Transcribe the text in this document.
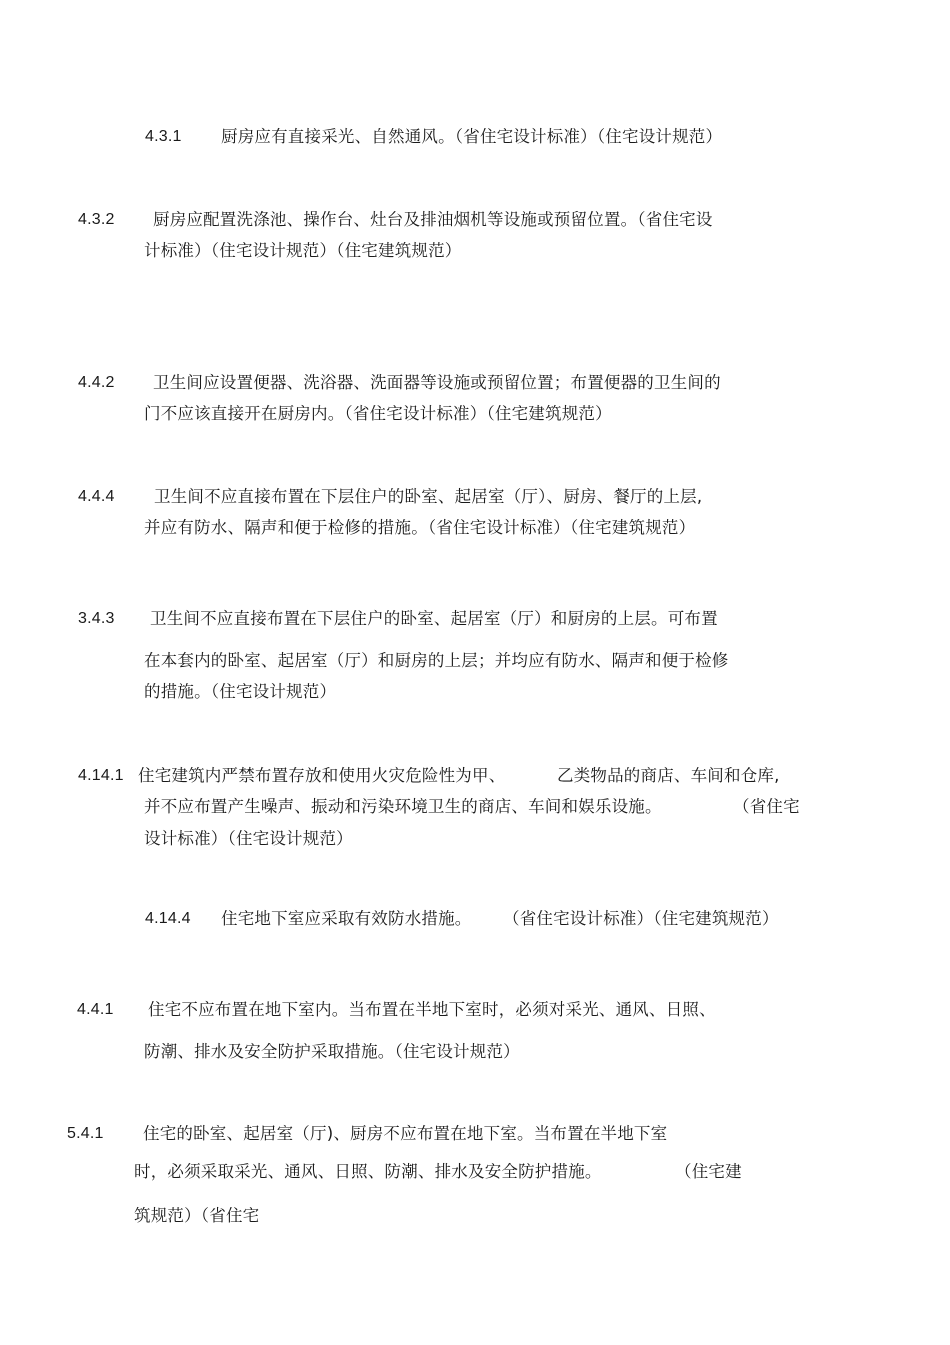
4.3.1 厨房应有直接采光、自然通风。（省住宅设计标准）（住宅设计规范）
4.3.2 厨房应配置洗涤池、操作台、灶台及排油烟机等设施或预留位置。（省住宅设
计标准）（住宅设计规范）（住宅建筑规范）
4.4.2 卫生间应设置便器、洗浴器、洗面器等设施或预留位置；布置便器的卫生间的
门不应该直接开在厨房内。（省住宅设计标准）（住宅建筑规范）
4.4.4 卫生间不应直接布置在下层住户的卧室、起居室（厅）、厨房、餐厅的上层,
并应有防水、隔声和便于检修的措施。（省住宅设计标准）（住宅建筑规范）
3.4.3 卫生间不应直接布置在下层住户的卧室、起居室（厅）和厨房的上层。可布置
在本套内的卧室、起居室（厅）和厨房的上层；并均应有防水、隔声和便于检修
的措施。（住宅设计规范）
4.14.1 住宅建筑内严禁布置存放和使用火灾危险性为甲、	乙类物品的商店、车间和仓库,
并不应布置产生噪声、振动和污染环境卫生的商店、车间和娱乐设施。	（省住宅
设计标准）（住宅设计规范）
4.14.4 住宅地下室应采取有效防水措施。 （省住宅设计标准）（住宅建筑规范）
4.4.1 住宅不应布置在地下室内。当布置在半地下室时，必须对采光、通风、日照、
防潮、排水及安全防护采取措施。（住宅设计规范）
5.4.1 住宅的卧室、起居室（厅)、厨房不应布置在地下室。当布置在半地下室
时，必须采取采光、通风、日照、防潮、排水及安全防护措施。	（住宅建
筑规范）（省住宅
